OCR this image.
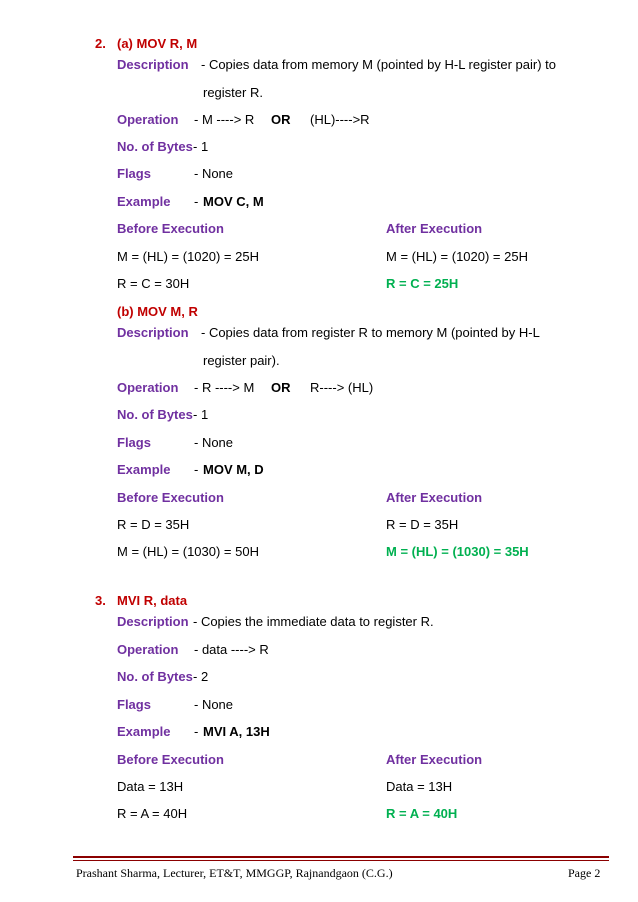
2. (a) MOV R, M
Description - Copies data from memory M (pointed by H-L register pair) to
register R.
Operation - M ----> R OR (HL)---->R
No. of Bytes - 1
Flags	- None
Example - MOV C, M
Before Execution	After Execution
M = (HL) = (1020) = 25H	M = (HL) = (1020) = 25H
R = C = 30H	R = C = 25H
(b) MOV M, R
Description - Copies data from register R to memory M (pointed by H-L
register pair).
Operation - R ----> M OR R----> (HL)
No. of Bytes - 1
Flags	- None
Example - MOV M, D
Before Execution	After Execution
R = D = 35H	R = D = 35H
M = (HL) = (1030) = 50H	M = (HL) = (1030) = 35H
3. MVI R, data
Description - Copies the immediate data to register R.
Operation - data ----> R
No. of Bytes - 2
Flags	- None
Example - MVI A, 13H
Before Execution	After Execution
Data = 13H	Data = 13H
R = A = 40H	R = A = 40H
Prashant Sharma, Lecturer, ET&T, MMGGP, Rajnandgaon (C.G.)	Page 2
